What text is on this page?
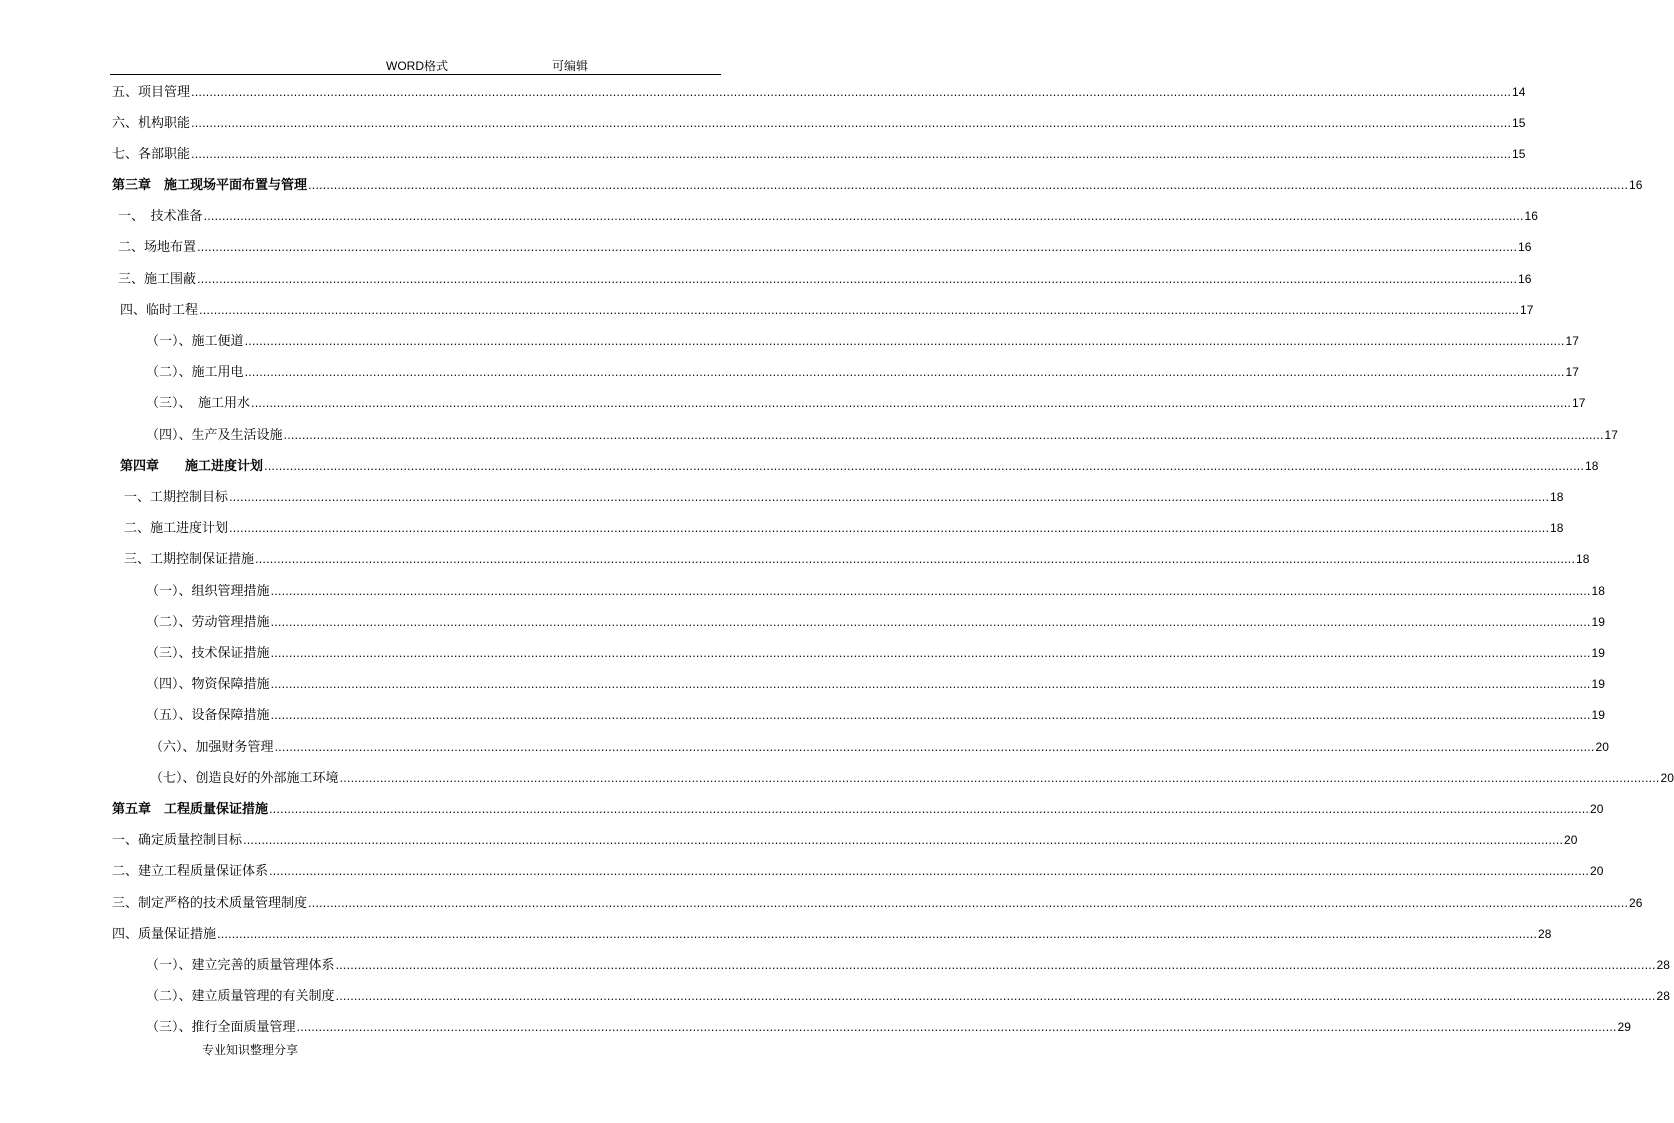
WORD格式	可编辑
五、项目管理 ……………………………………………………………………………………………………………………………………………………………………………………………………………………………………………………………………………………………………………………………… 14
六、机构职能 ……………………………………………………………………………………………………………………………………………………………………………………………………………………………………………………………………………………………………………………………… 15
七、各部职能 ……………………………………………………………………………………………………………………………………………………………………………………………………………………………………………………………………………………………………………………………… 15
第三章　施工现场平面布置与管理 ……………………………………………………………………………………………………………………………………………………………………………………………………………………………………………………………………………………………………………………………… 16
一、　技术准备 ……………………………………………………………………………………………………………………………………………………………………………………………………………………………………………………………………………………………………………………………… 16
二、场地布置 ……………………………………………………………………………………………………………………………………………………………………………………………………………………………………………………………………………………………………………………………… 16
三、施工围蔽 ……………………………………………………………………………………………………………………………………………………………………………………………………………………………………………………………………………………………………………………………… 16
四、临时工程 ……………………………………………………………………………………………………………………………………………………………………………………………………………………………………………………………………………………………………………………………… 17
（一）、施工便道 ……………………………………………………………………………………………………………………………………………………………………………………………………………………………………………………………………………………………………………………………… 17
（二）、施工用电 ……………………………………………………………………………………………………………………………………………………………………………………………………………………………………………………………………………………………………………………………… 17
（三）、　施工用水 ……………………………………………………………………………………………………………………………………………………………………………………………………………………………………………………………………………………………………………………………… 17
（四）、生产及生活设施 ……………………………………………………………………………………………………………………………………………………………………………………………………………………………………………………………………………………………………………………………… 17
第四章　　施工进度计划 ……………………………………………………………………………………………………………………………………………………………………………………………………………………………………………………………………………………………………………………………… 18
一、工期控制目标 ……………………………………………………………………………………………………………………………………………………………………………………………………………………………………………………………………………………………………………………………… 18
二、施工进度计划 ……………………………………………………………………………………………………………………………………………………………………………………………………………………………………………………………………………………………………………………………… 18
三、工期控制保证措施 ……………………………………………………………………………………………………………………………………………………………………………………………………………………………………………………………………………………………………………………………… 18
（一）、组织管理措施 ……………………………………………………………………………………………………………………………………………………………………………………………………………………………………………………………………………………………………………………………… 18
（二）、劳动管理措施 ……………………………………………………………………………………………………………………………………………………………………………………………………………………………………………………………………………………………………………………………… 19
（三）、技术保证措施 ……………………………………………………………………………………………………………………………………………………………………………………………………………………………………………………………………………………………………………………………… 19
（四）、物资保障措施 ……………………………………………………………………………………………………………………………………………………………………………………………………………………………………………………………………………………………………………………………… 19
（五）、设备保障措施 ……………………………………………………………………………………………………………………………………………………………………………………………………………………………………………………………………………………………………………………………… 19
（六）、加强财务管理 ……………………………………………………………………………………………………………………………………………………………………………………………………………………………………………………………………………………………………………………………… 20
（七）、创造良好的外部施工环境 ……………………………………………………………………………………………………………………………………………………………………………………………………………………………………………………………………………………………………………………………… 20
第五章　工程质量保证措施 ……………………………………………………………………………………………………………………………………………………………………………………………………………………………………………………………………………………………………………………………… 20
一、确定质量控制目标 ……………………………………………………………………………………………………………………………………………………………………………………………………………………………………………………………………………………………………………………………… 20
二、建立工程质量保证体系 ……………………………………………………………………………………………………………………………………………………………………………………………………………………………………………………………………………………………………………………………… 20
三、制定严格的技术质量管理制度 ……………………………………………………………………………………………………………………………………………………………………………………………………………………………………………………………………………………………………………………………… 26
四、质量保证措施 ……………………………………………………………………………………………………………………………………………………………………………………………………………………………………………………………………………………………………………………………… 28
（一）、建立完善的质量管理体系 ……………………………………………………………………………………………………………………………………………………………………………………………………………………………………………………………………………………………………………………………… 28
（二）、建立质量管理的有关制度 ……………………………………………………………………………………………………………………………………………………………………………………………………………………………………………………………………………………………………………………………… 28
（三）、推行全面质量管理 ……………………………………………………………………………………………………………………………………………………………………………………………………………………………………………………………………………………………………………………………… 29
专业知识整理分享
